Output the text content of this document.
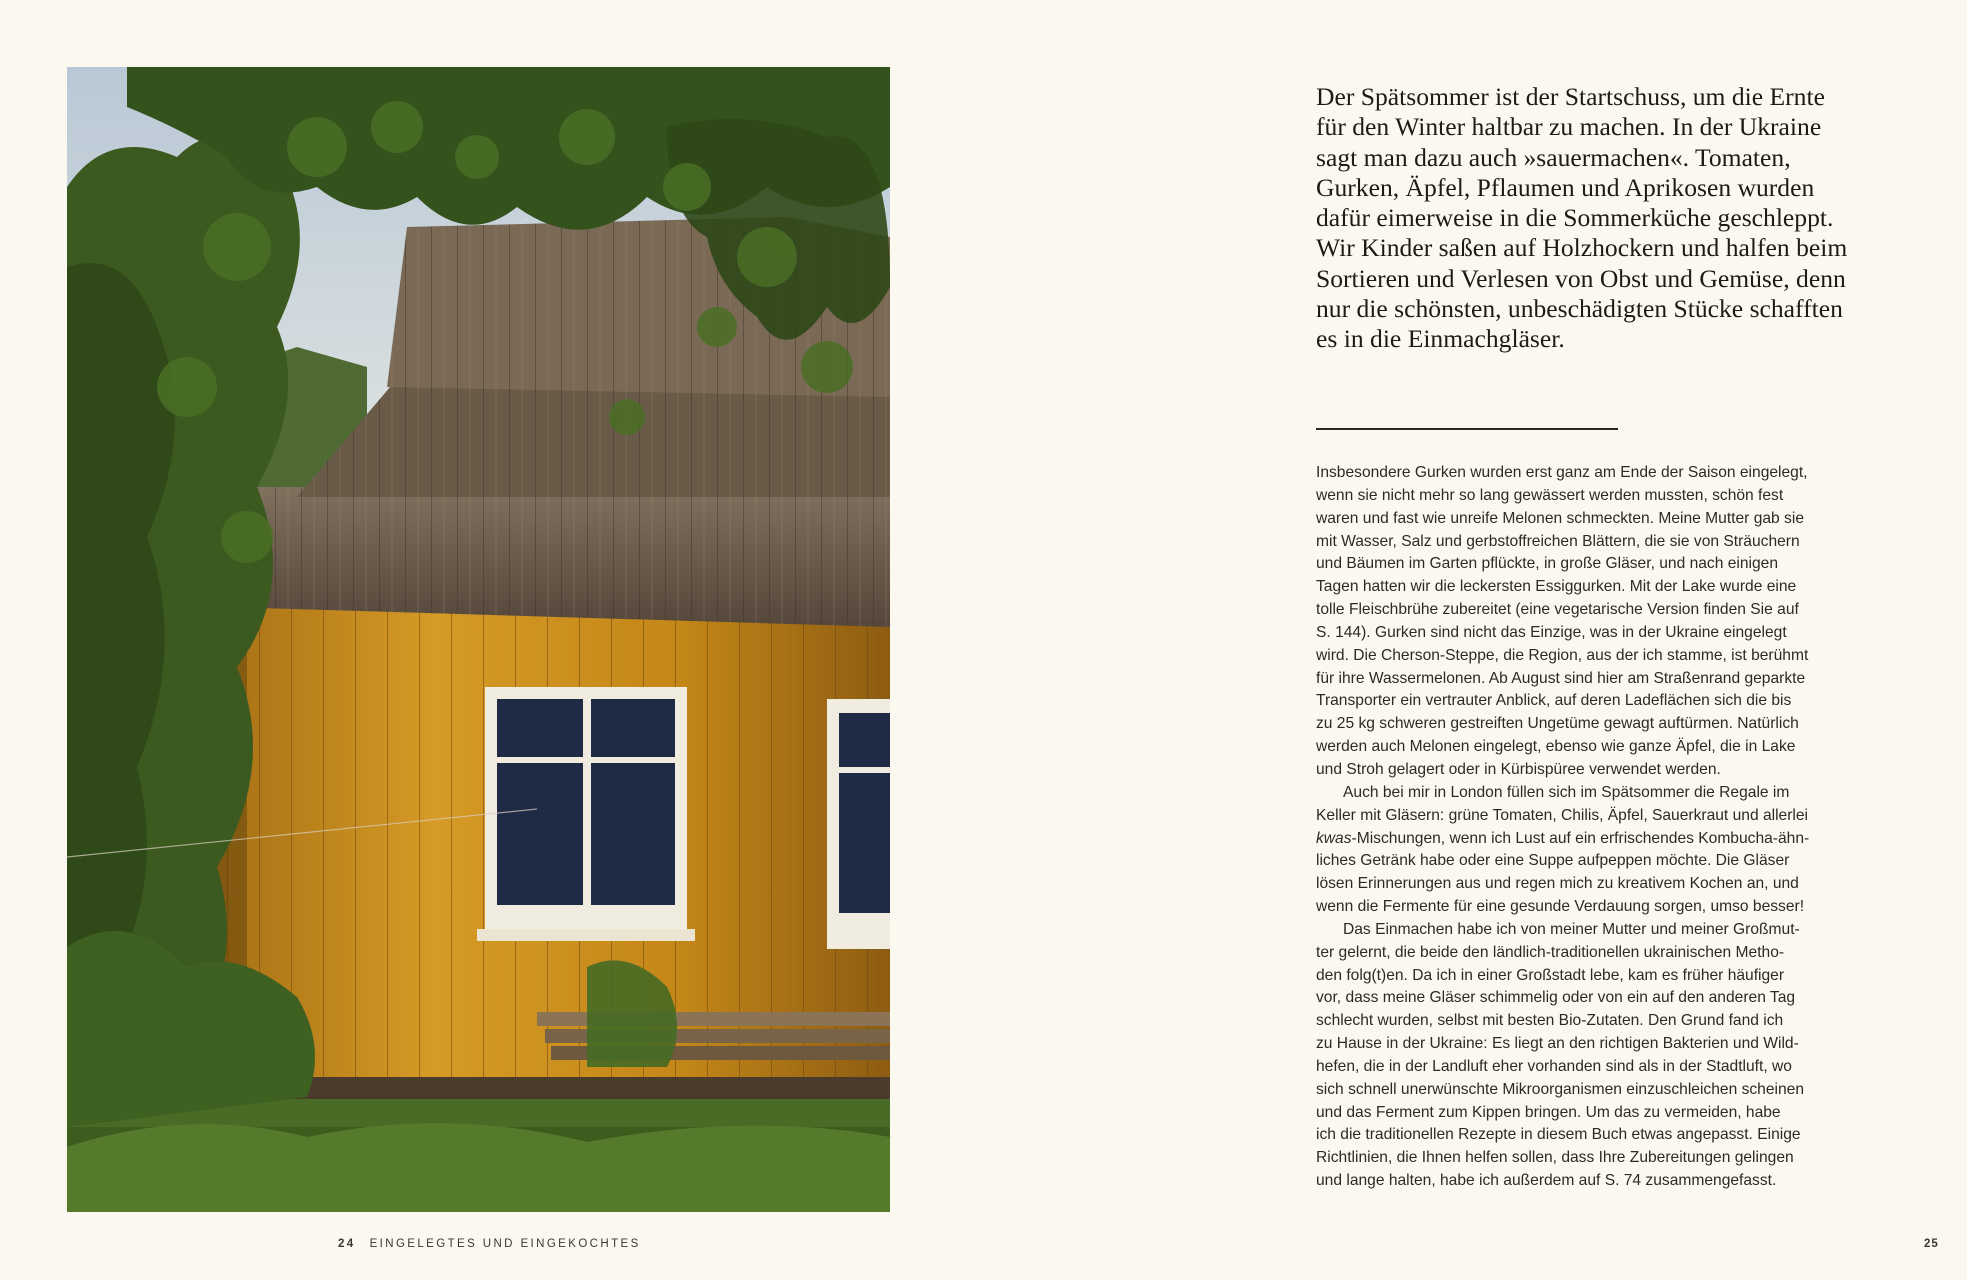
24 EINGELEGTES UND EINGEKOCHTES
Der Spätsommer ist der Startschuss, um die Ernte
für den Winter haltbar zu machen. In der Ukraine
sagt man dazu auch »sauermachen«. Tomaten,
Gurken, Äpfel, Pflaumen und Aprikosen wurden
dafür eimerweise in die Sommerküche geschleppt.
Wir Kinder saßen auf Holzhockern und halfen beim
Sortieren und Verlesen von Obst und Gemüse, denn
nur die schönsten, unbeschädigten Stücke schafften
es in die Einmachgläser.
Insbesondere Gurken wurden erst ganz am Ende der Saison eingelegt,
wenn sie nicht mehr so lang gewässert werden mussten, schön fest
waren und fast wie unreife Melonen schmeckten. Meine Mutter gab sie
mit Wasser, Salz und gerbstoffreichen Blättern, die sie von Sträuchern
und Bäumen im Garten pflückte, in große Gläser, und nach einigen
Tagen hatten wir die leckersten Essiggurken. Mit der Lake wurde eine
tolle Fleischbrühe zubereitet (eine vegetarische Version finden Sie auf
S. 144). Gurken sind nicht das Einzige, was in der Ukraine eingelegt
wird. Die Cherson-Steppe, die Region, aus der ich stamme, ist berühmt
für ihre Wassermelonen. Ab August sind hier am Straßenrand geparkte
Transporter ein vertrauter Anblick, auf deren Ladeflächen sich die bis
zu 25 kg schweren gestreiften Ungetüme gewagt auftürmen. Natürlich
werden auch Melonen eingelegt, ebenso wie ganze Äpfel, die in Lake
und Stroh gelagert oder in Kürbispüree verwendet werden.
Auch bei mir in London füllen sich im Spätsommer die Regale im
Keller mit Gläsern: grüne Tomaten, Chilis, Äpfel, Sauerkraut und allerlei
kwas-Mischungen, wenn ich Lust auf ein erfrischendes Kombucha-ähn-
liches Getränk habe oder eine Suppe aufpeppen möchte. Die Gläser
lösen Erinnerungen aus und regen mich zu kreativem Kochen an, und
wenn die Fermente für eine gesunde Verdauung sorgen, umso besser!
Das Einmachen habe ich von meiner Mutter und meiner Großmut-
ter gelernt, die beide den ländlich-traditionellen ukrainischen Metho-
den folg(t)en. Da ich in einer Großstadt lebe, kam es früher häufiger
vor, dass meine Gläser schimmelig oder von ein auf den anderen Tag
schlecht wurden, selbst mit besten Bio-Zutaten. Den Grund fand ich
zu Hause in der Ukraine: Es liegt an den richtigen Bakterien und Wild-
hefen, die in der Landluft eher vorhanden sind als in der Stadtluft, wo
sich schnell unerwünschte Mikroorganismen einzuschleichen scheinen
und das Ferment zum Kippen bringen. Um das zu vermeiden, habe
ich die traditionellen Rezepte in diesem Buch etwas angepasst. Einige
Richtlinien, die Ihnen helfen sollen, dass Ihre Zubereitungen gelingen
und lange halten, habe ich außerdem auf S. 74 zusammengefasst.
25
